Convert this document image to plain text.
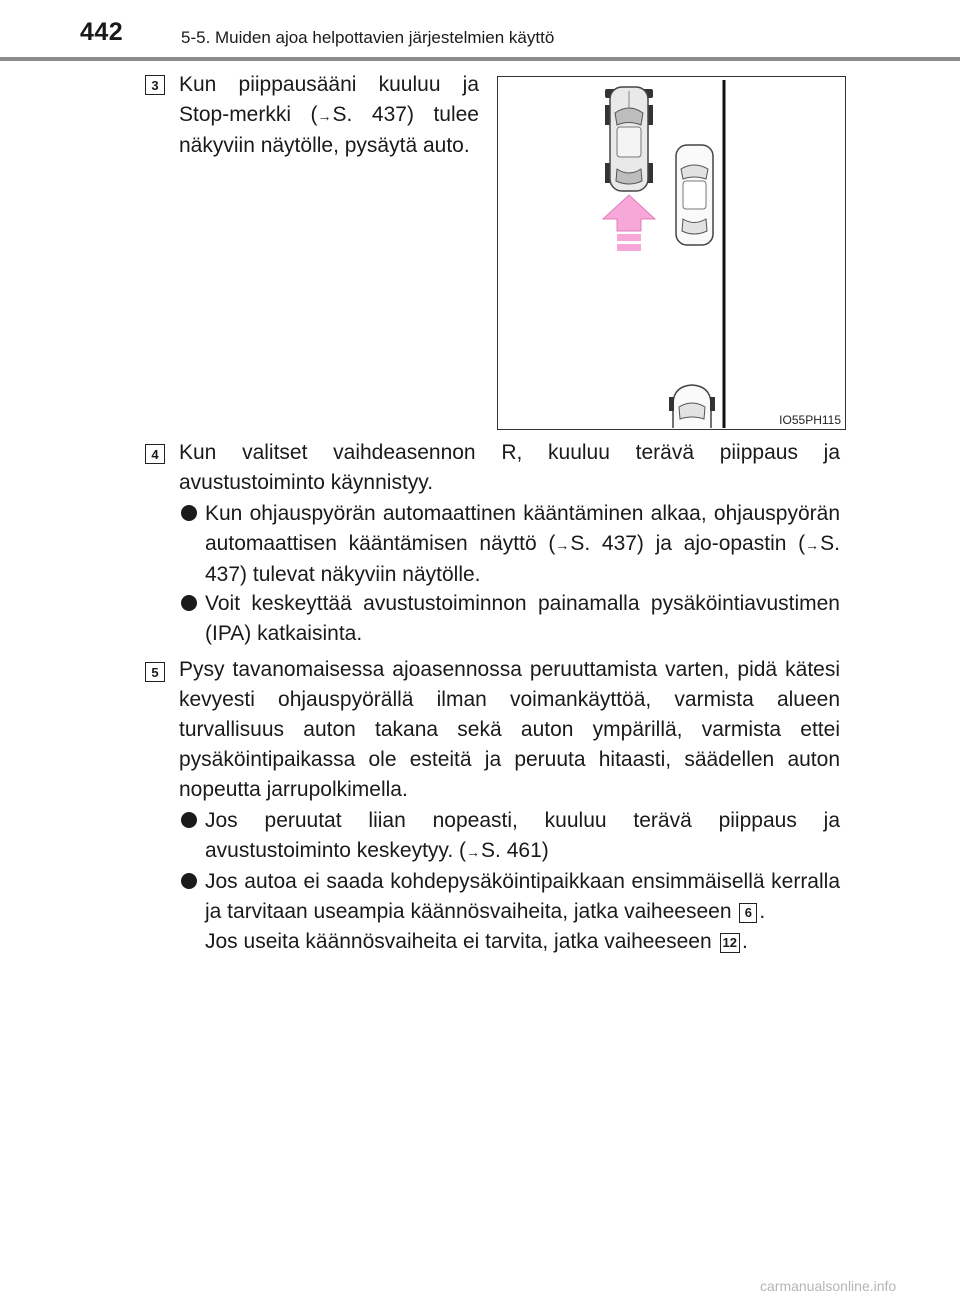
442	5-5. Muiden ajoa helpottavien järjestelmien käyttö
3 Kun piippausääni kuuluu ja Stop-merkki (→S. 437) tulee näkyviin näytölle, pysäytä auto.
IO55PH115
4 Kun valitset vaihdeasennon R, kuuluu terävä piippaus ja avustustoiminto käynnistyy.
Kun ohjauspyörän automaattinen kääntäminen alkaa, ohjauspyörän automaattisen kääntämisen näyttö (→S. 437) ja ajo-opastin (→S. 437) tulevat näkyviin näytölle.
Voit keskeyttää avustustoiminnon painamalla pysäköintiavustimen (IPA) katkaisinta.
5 Pysy tavanomaisessa ajoasennossa peruuttamista varten, pidä kätesi kevyesti ohjauspyörällä ilman voimankäyttöä, varmista alueen turvallisuus auton takana sekä auton ympärillä, varmista ettei pysäköintipaikassa ole esteitä ja peruuta hitaasti, säädellen auton nopeutta jarrupolkimella.
Jos peruutat liian nopeasti, kuuluu terävä piippaus ja avustustoiminto keskeytyy. (→S. 461)
Jos autoa ei saada kohdepysäköintipaikkaan ensimmäisellä kerralla ja tarvitaan useampia käännösvaiheita, jatka vaiheeseen 6 .
Jos useita käännösvaiheita ei tarvita, jatka vaiheeseen 12 .
carmanualsonline.info
